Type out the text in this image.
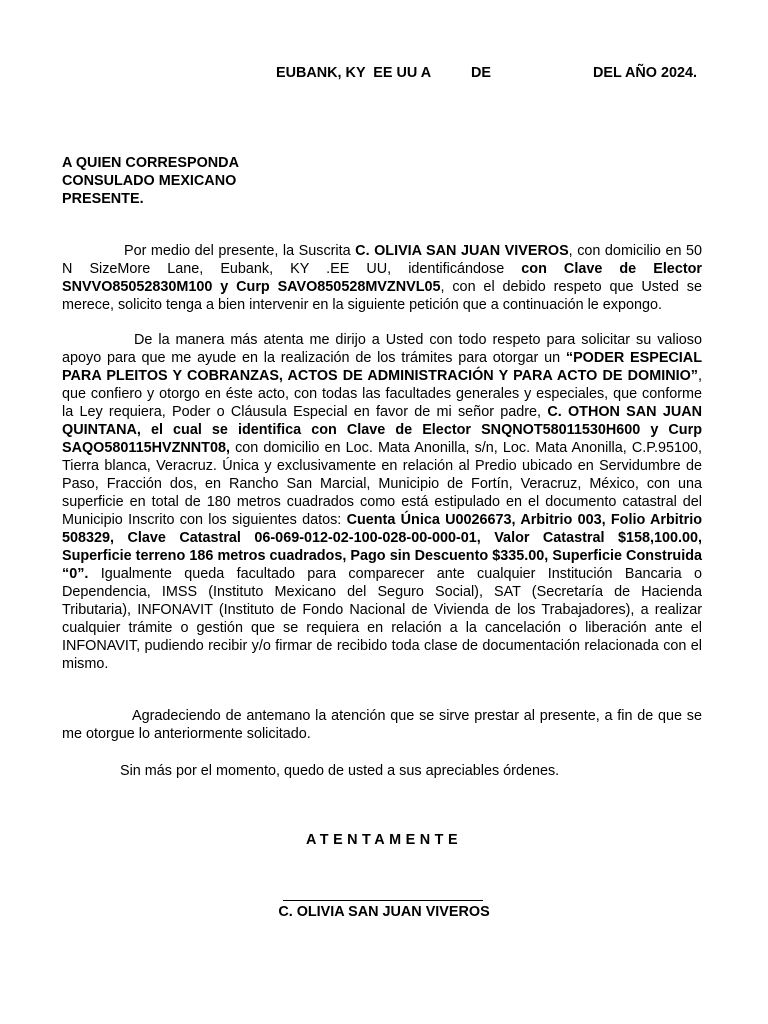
EUBANK, KY  EE UU A	DE	DEL AÑO 2024.
A QUIEN CORRESPONDA
CONSULADO MEXICANO
PRESENTE.

Por medio del presente, la Suscrita C. OLIVIA SAN JUAN VIVEROS, con domicilio en 50 N SizeMore Lane, Eubank, KY .EE UU, identificándose con Clave de Elector SNVVO85052830M100 y Curp SAVO850528MVZNVL05, con el debido respeto que Usted se merece, solicito tenga a bien intervenir en la siguiente petición que a continuación le expongo.

De la manera más atenta me dirijo a Usted con todo respeto para solicitar su valioso apoyo para que me ayude en la realización de los trámites para otorgar un “PODER ESPECIAL PARA PLEITOS Y COBRANZAS, ACTOS DE ADMINISTRACIÓN Y PARA ACTO DE DOMINIO”, que confiero y otorgo en éste acto, con todas las facultades generales y especiales, que conforme la Ley requiera, Poder o Cláusula Especial en favor de mi señor padre, C. OTHON SAN JUAN QUINTANA, el cual se identifica con Clave de Elector SNQNOT58011530H600 y Curp SAQO580115HVZNNT08, con domicilio en Loc. Mata Anonilla, s/n, Loc. Mata Anonilla, C.P.95100, Tierra blanca, Veracruz. Única y exclusivamente en relación al Predio ubicado en Servidumbre de Paso, Fracción dos, en Rancho San Marcial, Municipio de Fortín, Veracruz, México, con una superficie en total de 180 metros cuadrados como está estipulado en el documento catastral del Municipio Inscrito con los siguientes datos: Cuenta Única U0026673, Arbitrio 003, Folio Arbitrio 508329, Clave Catastral 06-069-012-02-100-028-00-000-01, Valor Catastral $158,100.00, Superficie terreno 186 metros cuadrados, Pago sin Descuento $335.00, Superficie Construida “0”. Igualmente queda facultado para comparecer ante cualquier Institución Bancaria o Dependencia, IMSS (Instituto Mexicano del Seguro Social), SAT (Secretaría de Hacienda Tributaria), INFONAVIT (Instituto de Fondo Nacional de Vivienda de los Trabajadores), a realizar cualquier trámite o gestión que se requiera en relación a la cancelación o liberación ante el INFONAVIT, pudiendo recibir y/o firmar de recibido toda clase de documentación relacionada con el mismo.

Agradeciendo de antemano la atención que se sirve prestar al presente, a fin de que se me otorgue lo anteriormente solicitado.

Sin más por el momento, quedo de usted a sus apreciables órdenes.

ATENTAMENTE
C. OLIVIA SAN JUAN VIVEROS
